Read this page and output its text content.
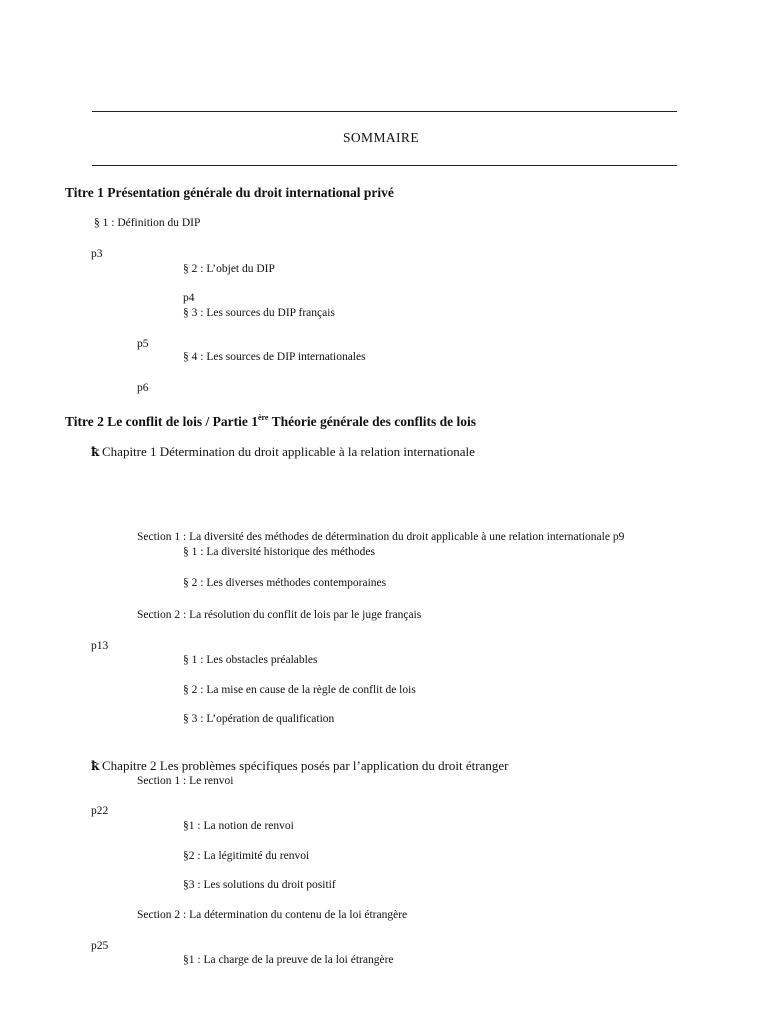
SOMMAIRE
Titre 1 Présentation générale du droit international privé
§ 1 : Définition du DIP
p3
§ 2 : L’objet du DIP
p4
§ 3 : Les sources du DIP français
p5
§ 4 : Les sources de DIP internationales
p6
Titre 2 Le conflit de lois / Partie 1ère Théorie générale des conflits de lois
ꝁ Chapitre 1 Détermination du droit applicable à la relation internationale
Section 1 : La diversité des méthodes de détermination du droit applicable à une relation internationale p9
§ 1 : La diversité historique des méthodes
§ 2 : Les diverses méthodes contemporaines
Section 2 : La résolution du conflit de lois par le juge français
p13
§ 1 : Les obstacles préalables
§ 2 : La mise en cause de la règle de conflit de lois
§ 3 : L’opération de qualification
ꝁ Chapitre 2 Les problèmes spécifiques posés par l’application du droit étranger
Section 1 : Le renvoi
p22
§1 : La notion de renvoi
§2 : La légitimité du renvoi
§3 : Les solutions du droit positif
Section 2 : La détermination du contenu de la loi étrangère
p25
§1 : La charge de la preuve de la loi étrangère
